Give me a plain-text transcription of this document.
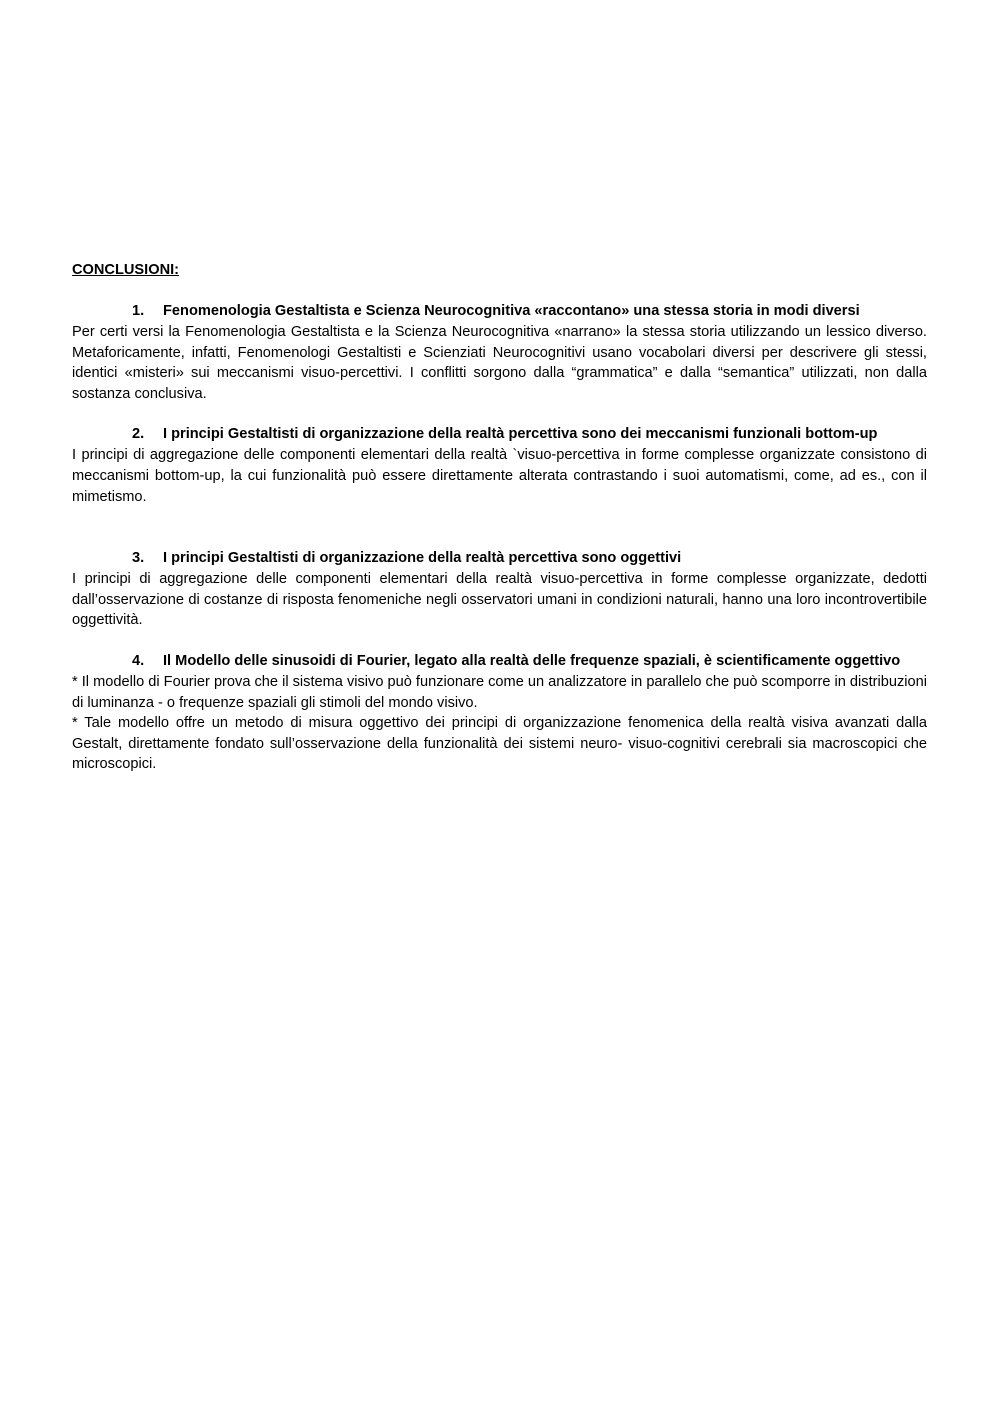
CONCLUSIONI:

1.	Fenomenologia Gestaltista e Scienza Neurocognitiva «raccontano» una stessa storia in modi diversi

Per certi versi la Fenomenologia Gestaltista e la Scienza Neurocognitiva «narrano» la stessa storia utilizzando un lessico diverso. Metaforicamente, infatti, Fenomenologi Gestaltisti e Scienziati Neurocognitivi usano vocabolari diversi per descrivere gli stessi, identici «misteri» sui meccanismi visuo-percettivi. I conflitti sorgono dalla “grammatica” e dalla “semantica” utilizzati, non dalla sostanza conclusiva.

2.	I principi Gestaltisti di organizzazione della realtà percettiva sono dei meccanismi funzionali bottom-up

I principi di aggregazione delle componenti elementari della realtà `visuo-percettiva in forme complesse organizzate consistono di meccanismi bottom-up, la cui funzionalità può essere direttamente alterata contrastando i suoi automatismi, come, ad es., con il mimetismo.

3.	I principi Gestaltisti di organizzazione della realtà percettiva sono oggettivi

I principi di aggregazione delle componenti elementari della realtà visuo-percettiva in forme complesse organizzate, dedotti dall’osservazione di costanze di risposta fenomeniche negli osservatori umani in condizioni naturali, hanno una loro incontrovertibile oggettività.

4.	Il Modello delle sinusoidi di Fourier, legato alla realtà delle frequenze spaziali, è scientificamente oggettivo

* Il modello di Fourier prova che il sistema visivo può funzionare come un analizzatore in parallelo che può scomporre in distribuzioni di luminanza - o frequenze spaziali gli stimoli del mondo visivo.

* Tale modello offre un metodo di misura oggettivo dei principi di organizzazione fenomenica della realtà visiva avanzati dalla Gestalt, direttamente fondato sull’osservazione della funzionalità dei sistemi neuro- visuo-cognitivi cerebrali sia macroscopici che microscopici.
